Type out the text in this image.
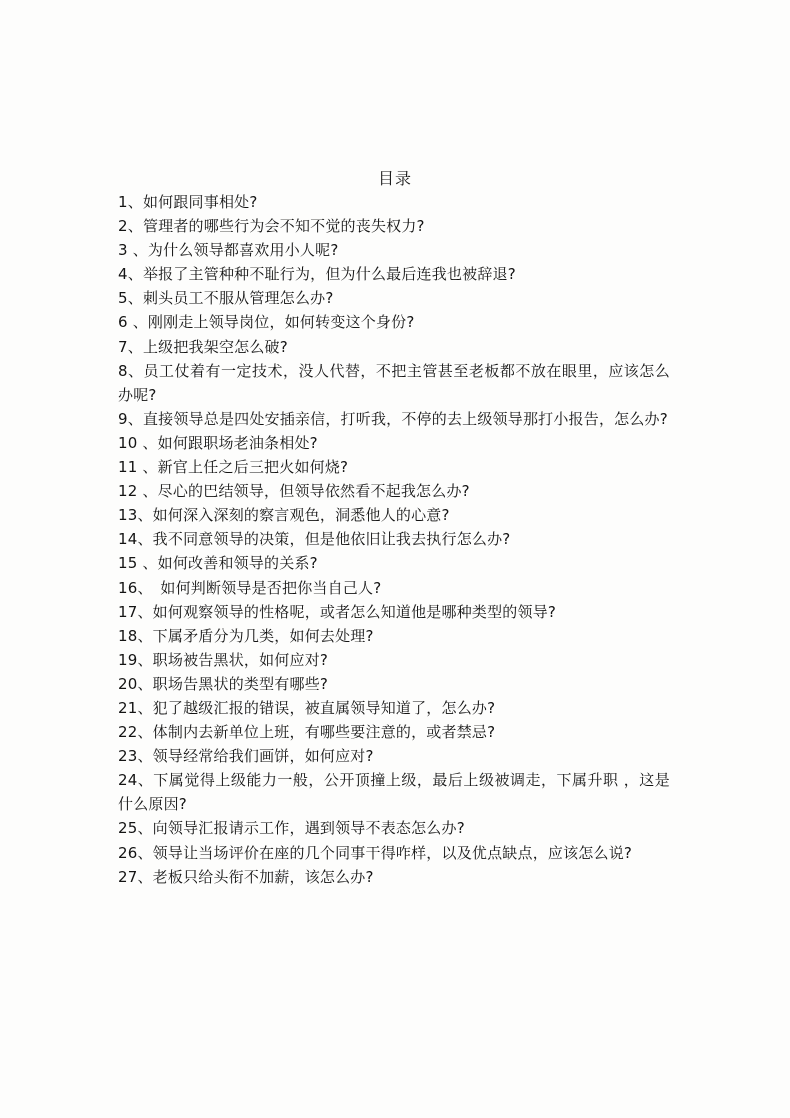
目录
1、如何跟同事相处?
2、管理者的哪些行为会不知不觉的丧失权力?
3 、为什么领导都喜欢用小人呢?
4、举报了主管种种不耻行为，但为什么最后连我也被辞退?
5、刺头员工不服从管理怎么办?
6 、刚刚走上领导岗位，如何转变这个身份?
7、上级把我架空怎么破?
8、员工仗着有一定技术，没人代替，不把主管甚至老板都不放在眼里，应该怎么办呢?
9、直接领导总是四处安插亲信，打听我，不停的去上级领导那打小报告，怎么办?
10 、如何跟职场老油条相处?
11 、新官上任之后三把火如何烧?
12 、尽心的巴结领导，但领导依然看不起我怎么办?
13、如何深入深刻的察言观色，洞悉他人的心意?
14、我不同意领导的决策，但是他依旧让我去执行怎么办?
15 、如何改善和领导的关系?
16、　如何判断领导是否把你当自己人?
17、如何观察领导的性格呢，或者怎么知道他是哪种类型的领导?
18、下属矛盾分为几类，如何去处理?
19、职场被告黑状，如何应对?
20、职场告黑状的类型有哪些?
21、犯了越级汇报的错误，被直属领导知道了，怎么办?
22、体制内去新单位上班，有哪些要注意的，或者禁忌?
23、领导经常给我们画饼，如何应对?
24、下属觉得上级能力一般，公开顶撞上级，最后上级被调走，下属升职 ，这是什么原因?
25、向领导汇报请示工作，遇到领导不表态怎么办?
26、领导让当场评价在座的几个同事干得咋样，以及优点缺点，应该怎么说?
27、老板只给头衔不加薪，该怎么办?
